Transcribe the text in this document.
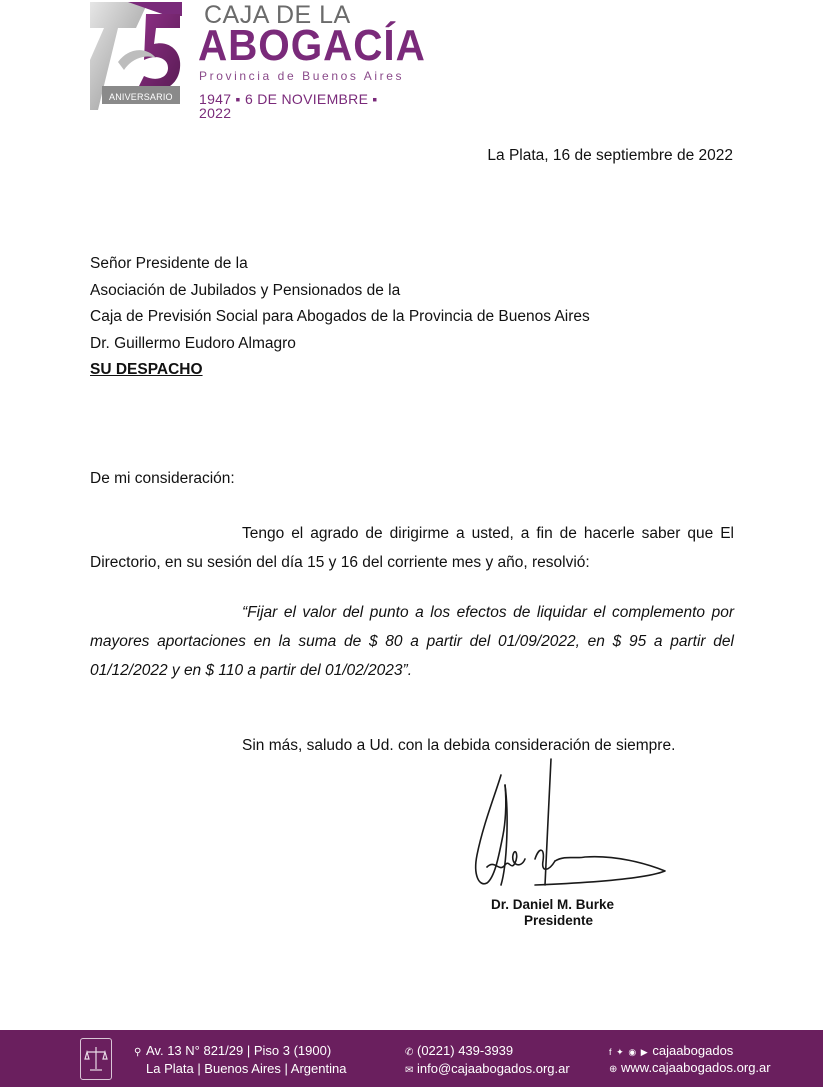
ANIVERSARIO
CAJA DE LA
ABOGACÍA
Provincia de Buenos Aires
1947 ▪ 6 DE NOVIEMBRE ▪ 2022
La Plata, 16 de septiembre de 2022
Señor Presidente de la
Asociación de Jubilados y Pensionados de la
Caja de Previsión Social para Abogados de la Provincia de Buenos Aires
Dr. Guillermo Eudoro Almagro
SU DESPACHO
De mi consideración:
Tengo el agrado de dirigirme a usted, a fin de hacerle saber que El Directorio, en su sesión del día 15 y 16 del corriente mes y año, resolvió:
“Fijar el valor del punto a los efectos de liquidar el complemento por mayores aportaciones en la suma de $ 80 a partir del 01/09/2022, en $ 95 a partir del 01/12/2022 y en $ 110 a partir del 01/02/2023”.
Sin más, saludo a Ud. con la debida consideración de siempre.
Dr. Daniel M. Burke
Presidente
⚲ Av. 13 N° 821/29 | Piso 3 (1900)
La Plata | Buenos Aires | Argentina
✆ (0221) 439-3939
✉ info@cajaabogados.org.ar
f ✦ ◉ ▶ cajaabogados
⊕ www.cajaabogados.org.ar
